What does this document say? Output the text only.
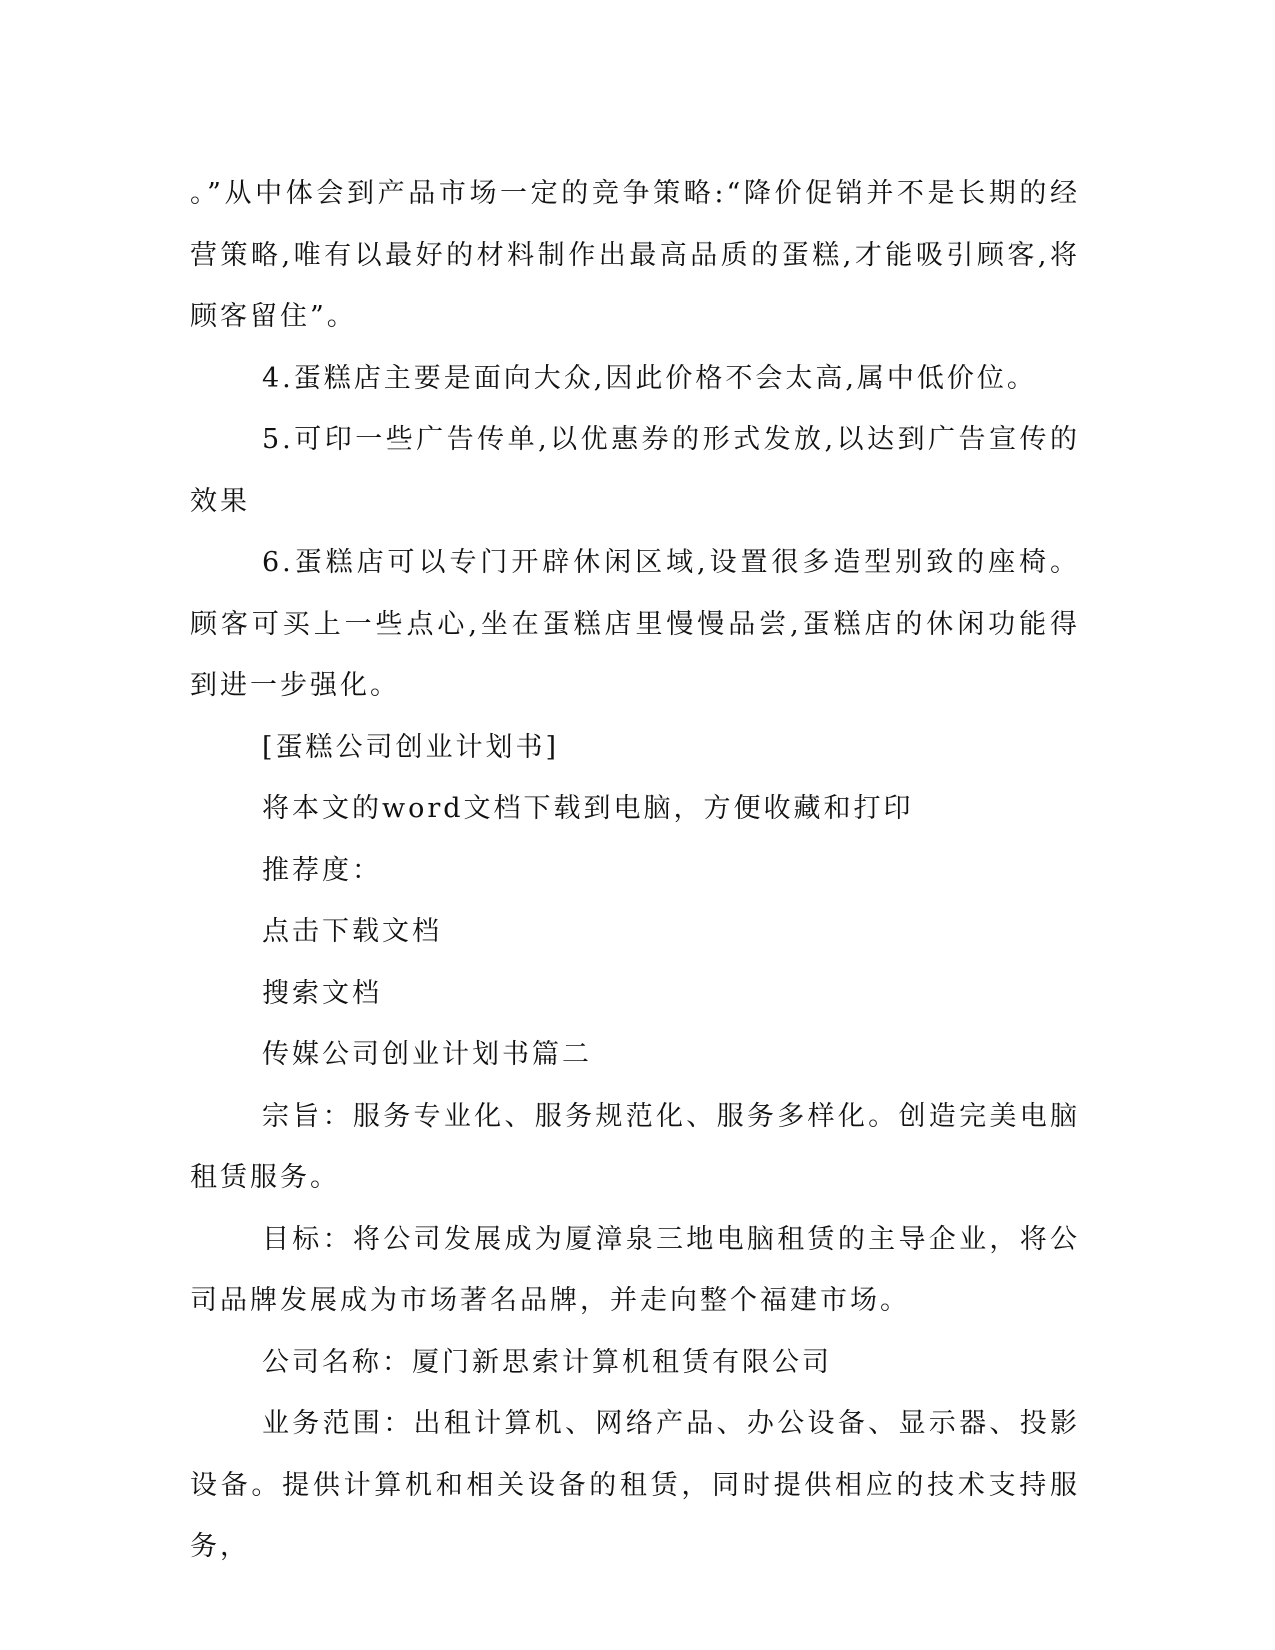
。”从中体会到产品市场一定的竞争策略:“降价促销并不是长期的经营策略,唯有以最好的材料制作出最高品质的蛋糕,才能吸引顾客,将顾客留住”。

4.蛋糕店主要是面向大众,因此价格不会太高,属中低价位。

5.可印一些广告传单,以优惠券的形式发放,以达到广告宣传的效果

6.蛋糕店可以专门开辟休闲区域,设置很多造型别致的座椅。顾客可买上一些点心,坐在蛋糕店里慢慢品尝,蛋糕店的休闲功能得到进一步强化。

[蛋糕公司创业计划书]

将本文的word文档下载到电脑，方便收藏和打印

推荐度：

点击下载文档

搜索文档

传媒公司创业计划书篇二

宗旨：服务专业化、服务规范化、服务多样化。创造完美电脑租赁服务。

目标：将公司发展成为厦漳泉三地电脑租赁的主导企业，将公司品牌发展成为市场著名品牌，并走向整个福建市场。

公司名称：厦门新思索计算机租赁有限公司

业务范围：出租计算机、网络产品、办公设备、显示器、投影设备。提供计算机和相关设备的租赁，同时提供相应的技术支持服务，
